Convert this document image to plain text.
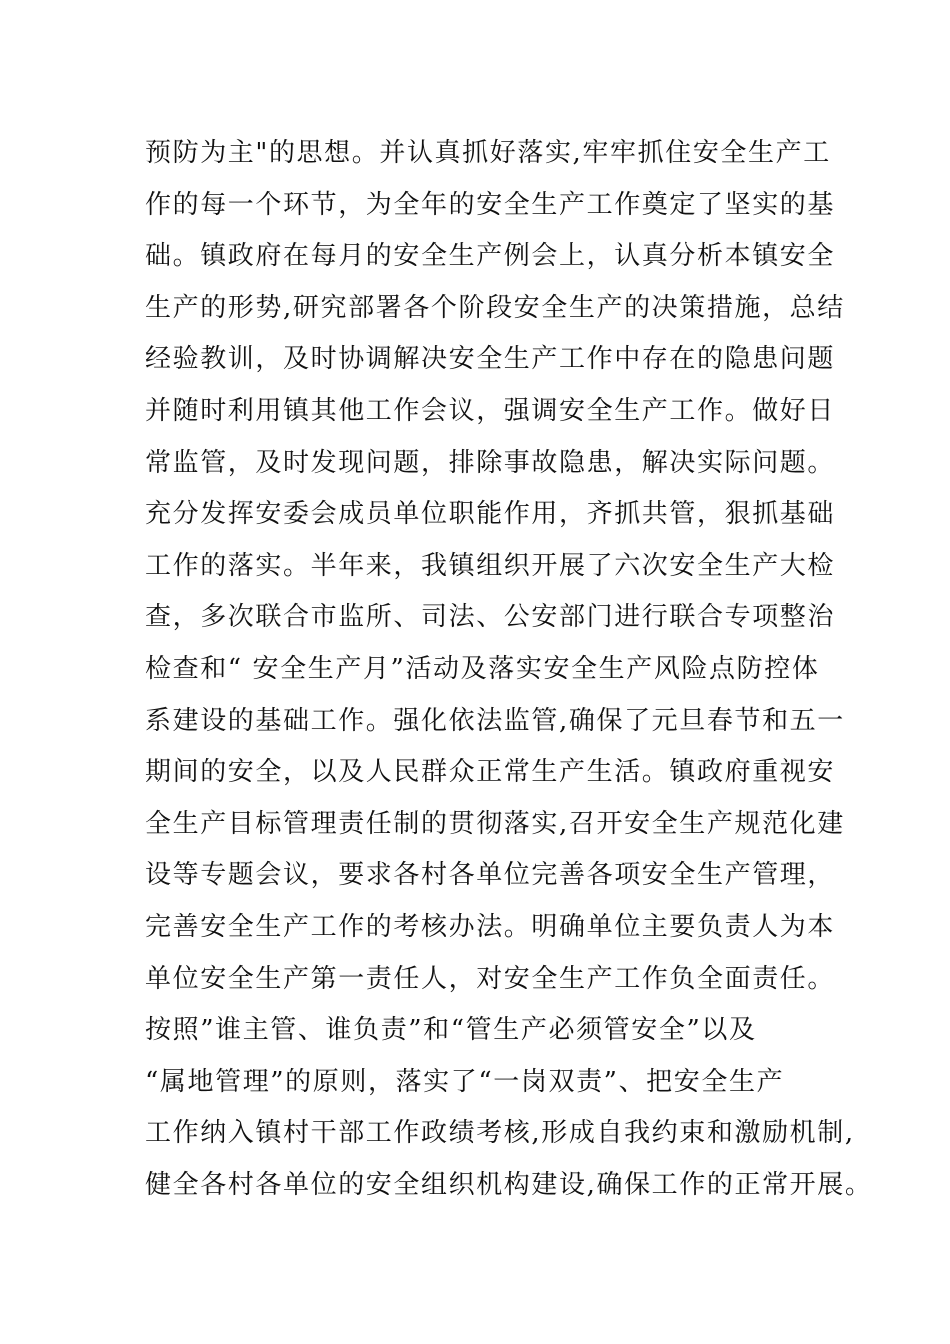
预防为主"的思想。并认真抓好落实,牢牢抓住安全生产工
作的每一个环节，为全年的安全生产工作奠定了坚实的基
础。镇政府在每月的安全生产例会上，认真分析本镇安全
生产的形势,研究部署各个阶段安全生产的决策措施，总结
经验教训，及时协调解决安全生产工作中存在的隐患问题
并随时利用镇其他工作会议，强调安全生产工作。做好日
常监管，及时发现问题，排除事故隐患，解决实际问题。
充分发挥安委会成员单位职能作用，齐抓共管，狠抓基础
工作的落实。半年来，我镇组织开展了六次安全生产大检
查，多次联合市监所、司法、公安部门进行联合专项整治
检查和“ 安全生产月”活动及落实安全生产风险点防控体
系建设的基础工作。强化依法监管,确保了元旦春节和五一
期间的安全，以及人民群众正常生产生活。镇政府重视安
全生产目标管理责任制的贯彻落实,召开安全生产规范化建
设等专题会议，要求各村各单位完善各项安全生产管理，
完善安全生产工作的考核办法。明确单位主要负责人为本
单位安全生产第一责任人，对安全生产工作负全面责任。
按照”谁主管、谁负责”和“管生产必须管安全”以及
“属地管理”的原则，落实了“一岗双责”、把安全生产
工作纳入镇村干部工作政绩考核,形成自我约束和激励机制,
健全各村各单位的安全组织机构建设,确保工作的正常开展。
